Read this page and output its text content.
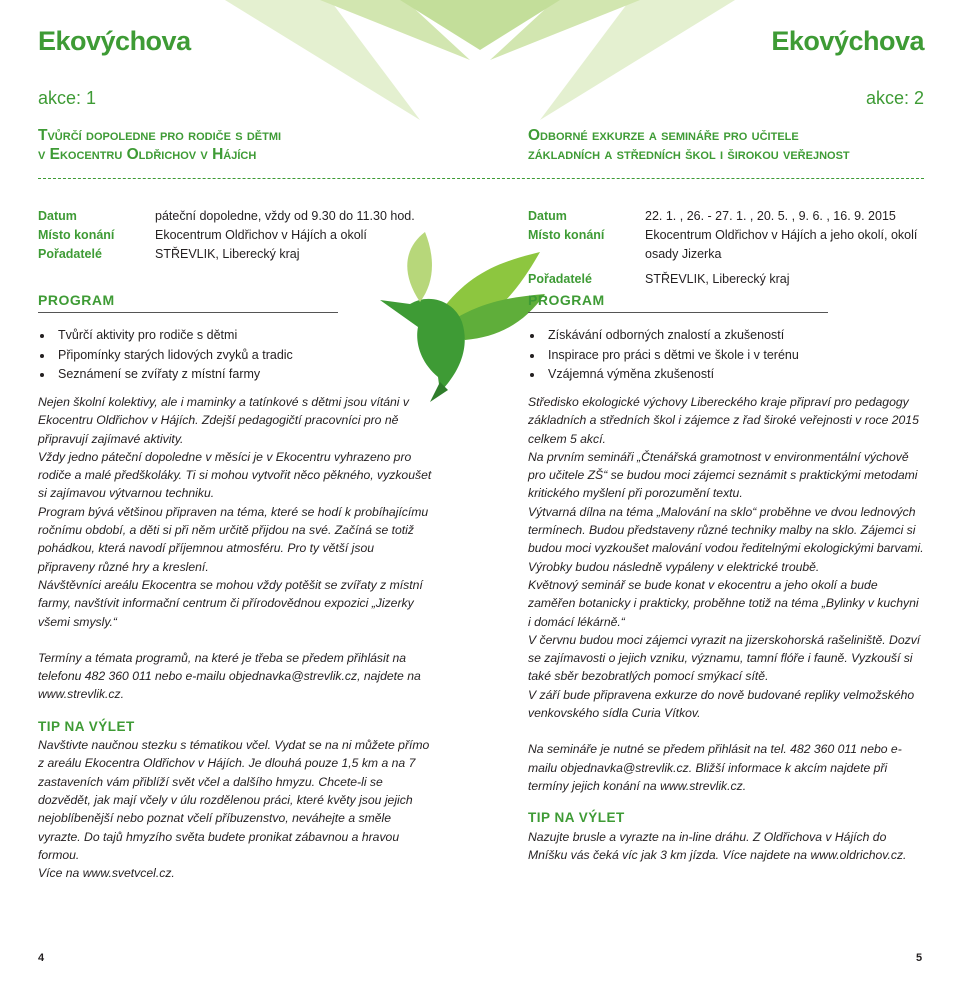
Ekovýchova
akce: 1
Tvůrčí dopoledne pro rodiče s dětmi
v Ekocentru Oldřichov v Hájích
Ekovýchova
akce: 2
Odborné exkurze a semináře pro učitele
základních a středních škol i širokou veřejnost
Datum	páteční dopoledne, vždy od 9.30 do 11.30 hod.
Místo konání	Ekocentrum Oldřichov v Hájích a okolí
Pořadatelé	STŘEVLIK, Liberecký kraj
Datum	22. 1. , 26. - 27. 1. , 20. 5. , 9. 6. , 16. 9. 2015
Místo konání	Ekocentrum Oldřichov v Hájích a jeho okolí, okolí osady Jizerka
Pořadatelé	STŘEVLIK, Liberecký kraj
PROGRAM	PROGRAM
Tvůrčí aktivity pro rodiče s dětmi
Připomínky starých lidových zvyků a tradic
Seznámení se zvířaty z místní farmy
Získávání odborných znalostí a zkušeností
Inspirace pro práci s dětmi ve škole i v terénu
Vzájemná výměna zkušeností

Nejen školní kolektivy, ale i maminky a tatínkové s dětmi jsou vítáni v Ekocentru Oldřichov v Hájích. Zdejší pedagogičtí pracovníci pro ně připravují zajímavé aktivity.

Vždy jedno páteční dopoledne v měsíci je v Ekocentru vyhrazeno pro rodiče a malé předškoláky. Ti si mohou vytvořit něco pěkného, vyzkoušet si zajímavou výtvarnou techniku.

Program bývá většinou připraven na téma, které se hodí k probíhajícímu ročnímu období, a děti si při něm určitě přijdou na své. Začíná se totiž pohádkou, která navodí příjemnou atmosféru. Pro ty větší jsou připraveny různé hry a kreslení.

Návštěvníci areálu Ekocentra se mohou vždy potěšit se zvířaty z místní farmy, navštívit informační centrum či přírodovědnou expozici „Jizerky všemi smysly.“

Termíny a témata programů, na které je třeba se předem přihlásit na telefonu 482 360 011 nebo e-mailu objednavka@strevlik.cz, najdete na www.strevlik.cz.

TIP NA VÝLET

Navštivte naučnou stezku s tématikou včel. Vydat se na ni můžete přímo z areálu Ekocentra Oldřichov v Hájích. Je dlouhá pouze 1,5 km a na 7 zastaveních vám přiblíží svět včel a dalšího hmyzu. Chcete-li se dozvědět, jak mají včely v úlu rozdělenou práci, které květy jsou jejich nejoblíbenější nebo poznat včelí příbuzenstvo, neváhejte a směle vyrazte. Do tajů hmyzího světa budete pronikat zábavnou a hravou formou.

Více na www.svetvcel.cz.

Středisko ekologické výchovy Libereckého kraje připraví pro pedagogy základních a středních škol i zájemce z řad široké veřejnosti v roce 2015 celkem 5 akcí.

Na prvním semináři „Čtenářská gramotnost v environmentální výchově pro učitele ZŠ“ se budou moci zájemci seznámit s praktickými metodami kritického myšlení při porozumění textu.

Výtvarná dílna na téma „Malování na sklo“ proběhne ve dvou lednových termínech. Budou představeny různé techniky malby na sklo. Zájemci si budou moci vyzkoušet malování vodou ředitelnými ekologickými barvami. Výrobky budou následně vypáleny v elektrické troubě.

Květnový seminář se bude konat v ekocentru a jeho okolí a bude zaměřen botanicky i prakticky, proběhne totiž na téma „Bylinky v kuchyni i domácí lékárně.“

V červnu budou moci zájemci vyrazit na jizerskohorská rašeliniště. Dozví se zajímavosti o jejich vzniku, významu, tamní flóře i fauně. Vyzkouší si také sběr bezobratlých pomocí smýkací sítě.

V září bude připravena exkurze do nově budované repliky velmožského venkovského sídla Curia Vítkov.

Na semináře je nutné se předem přihlásit na tel. 482 360 011 nebo e-mailu objednavka@strevlik.cz. Bližší informace k akcím najdete při termíny jejich konání na www.strevlik.cz.

TIP NA VÝLET

Nazujte brusle a vyrazte na in-line dráhu. Z Oldřichova v Hájích do Mníšku vás čeká víc jak 3 km jízda. Více najdete na www.oldrichov.cz.

4	5
